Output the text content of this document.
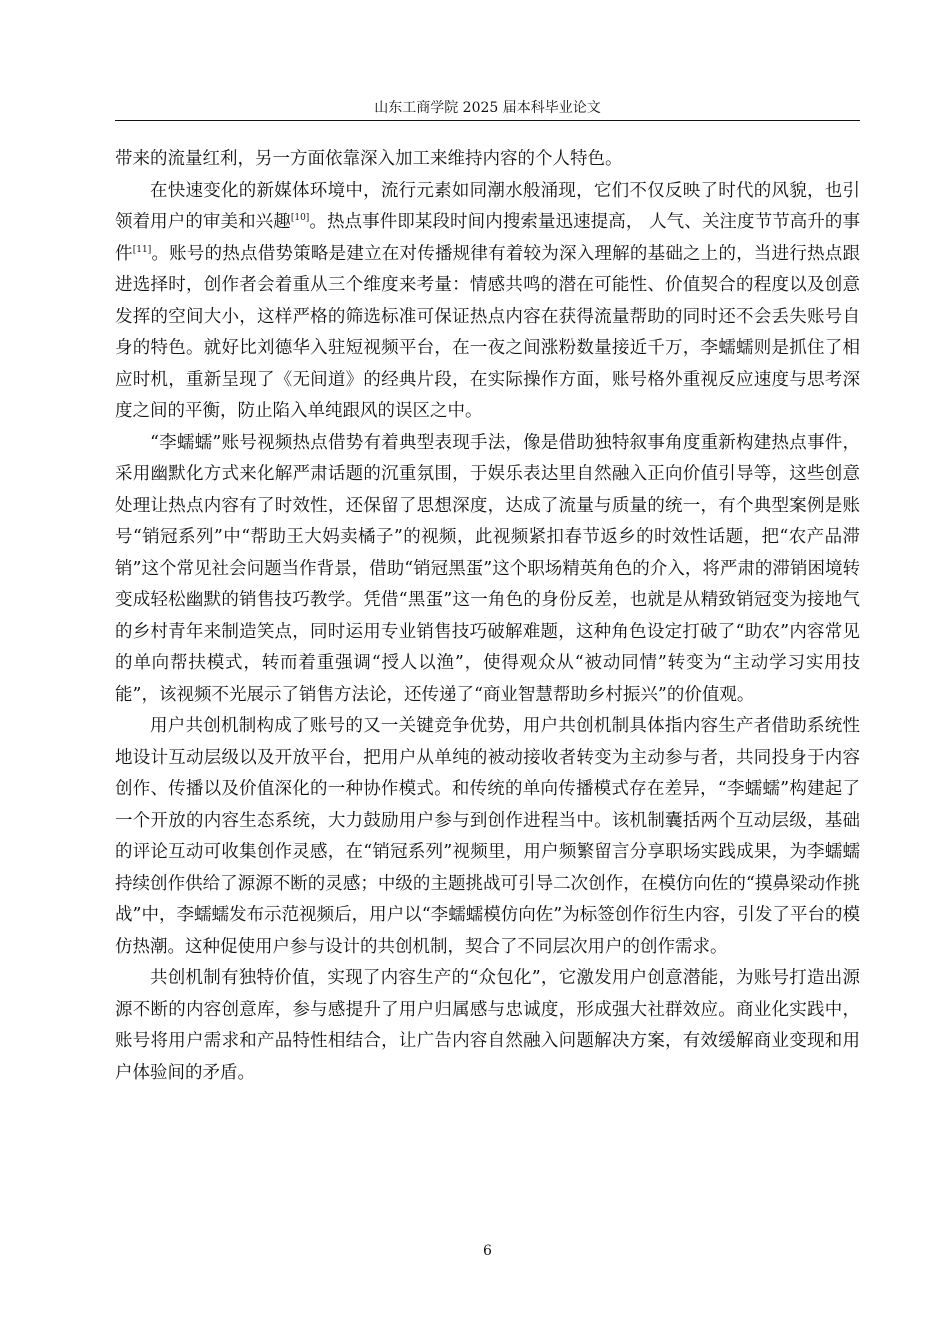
山东工商学院 2025 届本科毕业论文

带来的流量红利，另一方面依靠深入加工来维持内容的个人特色。

在快速变化的新媒体环境中，流行元素如同潮水般涌现，它们不仅反映了时代的风貌，也引领着用户的审美和兴趣[10]。热点事件即某段时间内搜索量迅速提高， 人气、关注度节节高升的事件[11]。账号的热点借势策略是建立在对传播规律有着较为深入理解的基础之上的，当进行热点跟进选择时，创作者会着重从三个维度来考量：情感共鸣的潜在可能性、价值契合的程度以及创意发挥的空间大小，这样严格的筛选标准可保证热点内容在获得流量帮助的同时还不会丢失账号自身的特色。就好比刘德华入驻短视频平台，在一夜之间涨粉数量接近千万，李蠕蠕则是抓住了相应时机，重新呈现了《无间道》的经典片段，在实际操作方面，账号格外重视反应速度与思考深度之间的平衡，防止陷入单纯跟风的误区之中。

“李蠕蠕”账号视频热点借势有着典型表现手法，像是借助独特叙事角度重新构建热点事件，采用幽默化方式来化解严肃话题的沉重氛围，于娱乐表达里自然融入正向价值引导等，这些创意处理让热点内容有了时效性，还保留了思想深度，达成了流量与质量的统一，有个典型案例是账号“销冠系列”中“帮助王大妈卖橘子”的视频，此视频紧扣春节返乡的时效性话题，把“农产品滞销”这个常见社会问题当作背景，借助“销冠黑蛋”这个职场精英角色的介入，将严肃的滞销困境转变成轻松幽默的销售技巧教学。凭借“黑蛋”这一角色的身份反差，也就是从精致销冠变为接地气的乡村青年来制造笑点，同时运用专业销售技巧破解难题，这种角色设定打破了“助农”内容常见的单向帮扶模式，转而着重强调“授人以渔”，使得观众从“被动同情”转变为“主动学习实用技能”，该视频不光展示了销售方法论，还传递了“商业智慧帮助乡村振兴”的价值观。

用户共创机制构成了账号的又一关键竞争优势，用户共创机制具体指内容生产者借助系统性地设计互动层级以及开放平台，把用户从单纯的被动接收者转变为主动参与者，共同投身于内容创作、传播以及价值深化的一种协作模式。和传统的单向传播模式存在差异，“李蠕蠕”构建起了一个开放的内容生态系统，大力鼓励用户参与到创作进程当中。该机制囊括两个互动层级，基础的评论互动可收集创作灵感，在“销冠系列”视频里，用户频繁留言分享职场实践成果，为李蠕蠕持续创作供给了源源不断的灵感；中级的主题挑战可引导二次创作，在模仿向佐的“摸鼻梁动作挑战”中，李蠕蠕发布示范视频后，用户以“李蠕蠕模仿向佐”为标签创作衍生内容，引发了平台的模仿热潮。这种促使用户参与设计的共创机制，契合了不同层次用户的创作需求。

共创机制有独特价值，实现了内容生产的“众包化”，它激发用户创意潜能，为账号打造出源源不断的内容创意库，参与感提升了用户归属感与忠诚度，形成强大社群效应。商业化实践中，账号将用户需求和产品特性相结合，让广告内容自然融入问题解决方案，有效缓解商业变现和用户体验间的矛盾。

6
